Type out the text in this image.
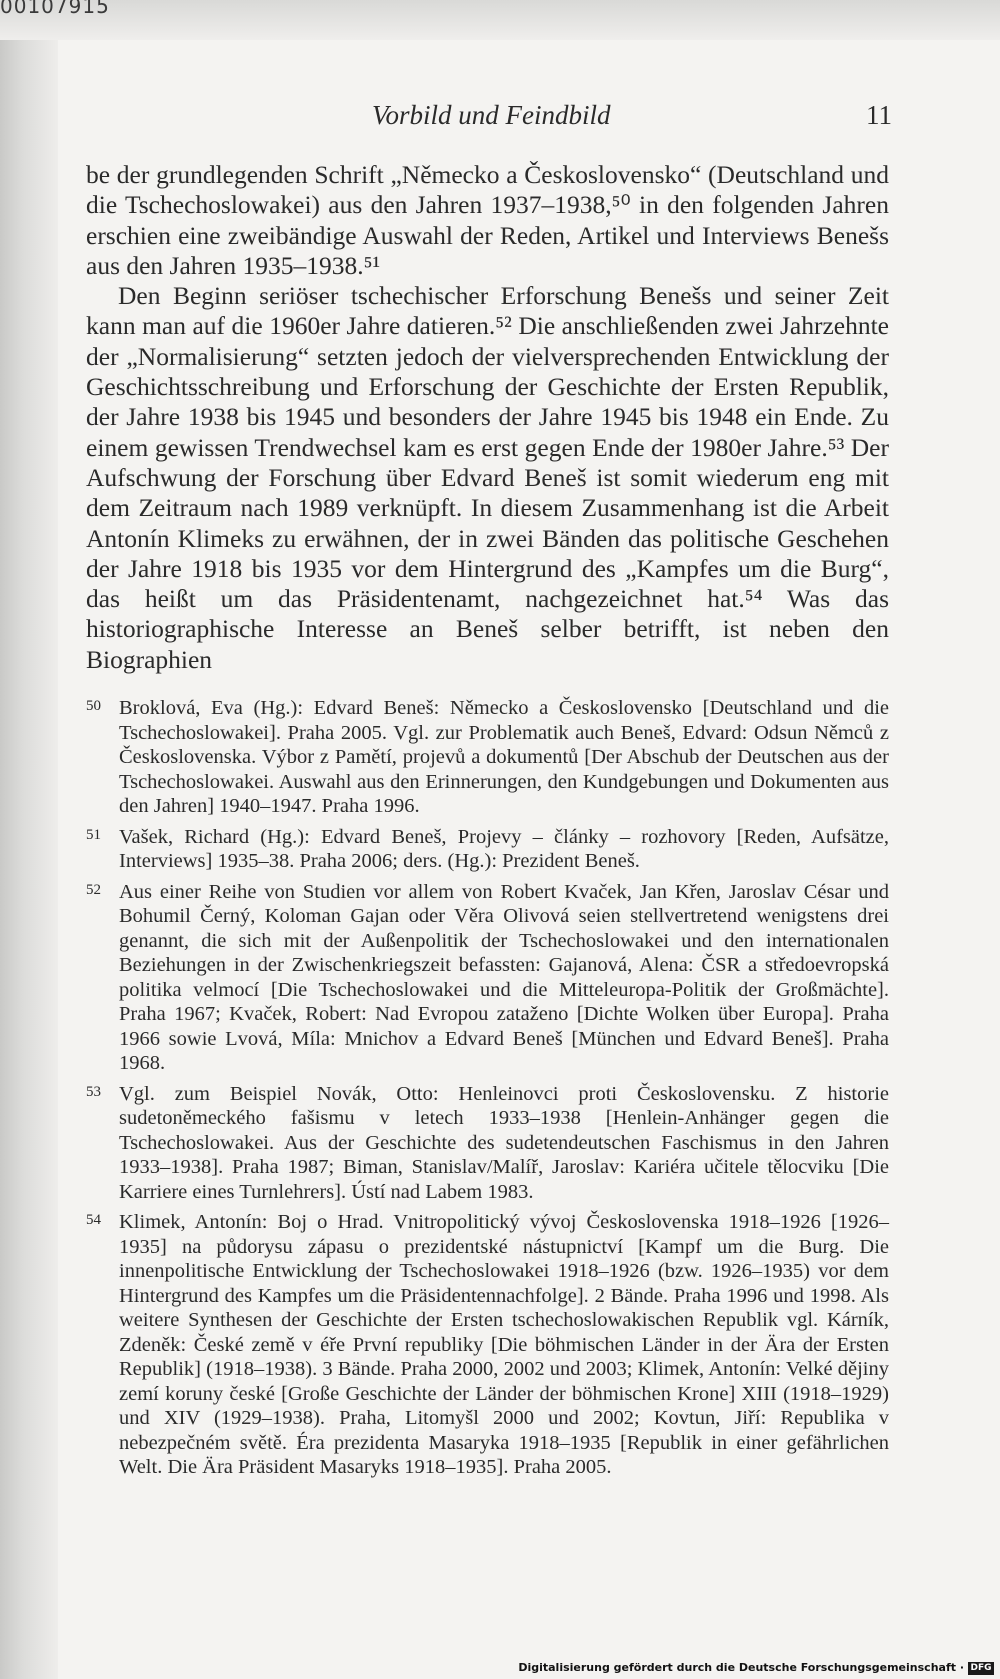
00107915
Vorbild und Feindbild	11

be der grundlegenden Schrift „Německo a Československo“ (Deutschland und die Tschechoslowakei) aus den Jahren 1937–1938,⁵⁰ in den folgenden Jahren erschien eine zweibändige Auswahl der Reden, Artikel und Interviews Benešs aus den Jahren 1935–1938.⁵¹

Den Beginn seriöser tschechischer Erforschung Benešs und seiner Zeit kann man auf die 1960er Jahre datieren.⁵² Die anschließenden zwei Jahrzehnte der „Normalisierung“ setzten jedoch der vielversprechenden Entwicklung der Geschichtsschreibung und Erforschung der Geschichte der Ersten Republik, der Jahre 1938 bis 1945 und besonders der Jahre 1945 bis 1948 ein Ende. Zu einem gewissen Trendwechsel kam es erst gegen Ende der 1980er Jahre.⁵³ Der Aufschwung der Forschung über Edvard Beneš ist somit wiederum eng mit dem Zeitraum nach 1989 verknüpft. In diesem Zusammenhang ist die Arbeit Antonín Klimeks zu erwähnen, der in zwei Bänden das politische Geschehen der Jahre 1918 bis 1935 vor dem Hintergrund des „Kampfes um die Burg“, das heißt um das Präsidentenamt, nachgezeichnet hat.⁵⁴ Was das historiographische Interesse an Beneš selber betrifft, ist neben den Biographien

50 Broklová, Eva (Hg.): Edvard Beneš: Německo a Československo [Deutschland und die Tschechoslowakei]. Praha 2005. Vgl. zur Problematik auch Beneš, Edvard: Odsun Němců z Československa. Výbor z Pamětí, projevů a dokumentů [Der Abschub der Deutschen aus der Tschechoslowakei. Auswahl aus den Erinnerungen, den Kundgebungen und Dokumenten aus den Jahren] 1940–1947. Praha 1996.
51 Vašek, Richard (Hg.): Edvard Beneš, Projevy – články – rozhovory [Reden, Aufsätze, Interviews] 1935–38. Praha 2006; ders. (Hg.): Prezident Beneš.
52 Aus einer Reihe von Studien vor allem von Robert Kvaček, Jan Křen, Jaroslav César und Bohumil Černý, Koloman Gajan oder Věra Olivová seien stellvertretend wenigstens drei genannt, die sich mit der Außenpolitik der Tschechoslowakei und den internationalen Beziehungen in der Zwischenkriegszeit befassten: Gajanová, Alena: ČSR a středoevropská politika velmocí [Die Tschechoslowakei und die Mitteleuropa-Politik der Großmächte]. Praha 1967; Kvaček, Robert: Nad Evropou zataženo [Dichte Wolken über Europa]. Praha 1966 sowie Lvová, Míla: Mnichov a Edvard Beneš [München und Edvard Beneš]. Praha 1968.
53 Vgl. zum Beispiel Novák, Otto: Henleinovci proti Československu. Z historie sudetoněmeckého fašismu v letech 1933–1938 [Henlein-Anhänger gegen die Tschechoslowakei. Aus der Geschichte des sudetendeutschen Faschismus in den Jahren 1933–1938]. Praha 1987; Biman, Stanislav/Malíř, Jaroslav: Kariéra učitele tělocviku [Die Karriere eines Turnlehrers]. Ústí nad Labem 1983.
54 Klimek, Antonín: Boj o Hrad. Vnitropolitický vývoj Československa 1918–1926 [1926–1935] na půdorysu zápasu o prezidentské nástupnictví [Kampf um die Burg. Die innenpolitische Entwicklung der Tschechoslowakei 1918–1926 (bzw. 1926–1935) vor dem Hintergrund des Kampfes um die Präsidentennachfolge]. 2 Bände. Praha 1996 und 1998. Als weitere Synthesen der Geschichte der Ersten tschechoslowakischen Republik vgl. Kárník, Zdeněk: České země v éře První republiky [Die böhmischen Länder in der Ära der Ersten Republik] (1918–1938). 3 Bände. Praha 2000, 2002 und 2003; Klimek, Antonín: Velké dějiny zemí koruny české [Große Geschichte der Länder der böhmischen Krone] XIII (1918–1929) und XIV (1929–1938). Praha, Litomyšl 2000 und 2002; Kovtun, Jiří: Republika v nebezpečném světě. Éra prezidenta Masaryka 1918–1935 [Republik in einer gefährlichen Welt. Die Ära Präsident Masaryks 1918–1935]. Praha 2005.
Digitalisierung gefördert durch die Deutsche Forschungsgemeinschaft · DFG
